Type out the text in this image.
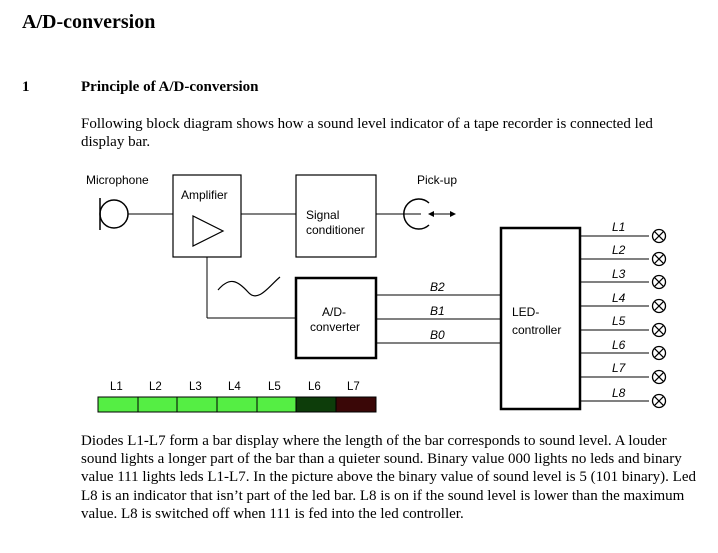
A/D-conversion
1	Principle of A/D-conversion

Following block diagram shows how a sound level indicator of a tape recorder is connected led display bar.

Microphone
Amplifier
Signal
conditioner
Pick-up
A/D-
converter
B2
B1
B0
LED-
controller
L1
L2
L3
L4
L5
L6
L7
L8
L1 L2 L3 L4 L5 L6 L7

Diodes L1-L7 form a bar display where the length of the bar corresponds to sound level. A louder sound lights a longer part of the bar than a quieter sound. Binary value 000 lights no leds and binary value 111 lights leds L1-L7. In the picture above the binary value of sound level is 5 (101 binary). Led L8 is an indicator that isn’t part of the led bar. L8 is on if the sound level is lower than the maximum value. L8 is switched off when 111 is fed into the led controller.
